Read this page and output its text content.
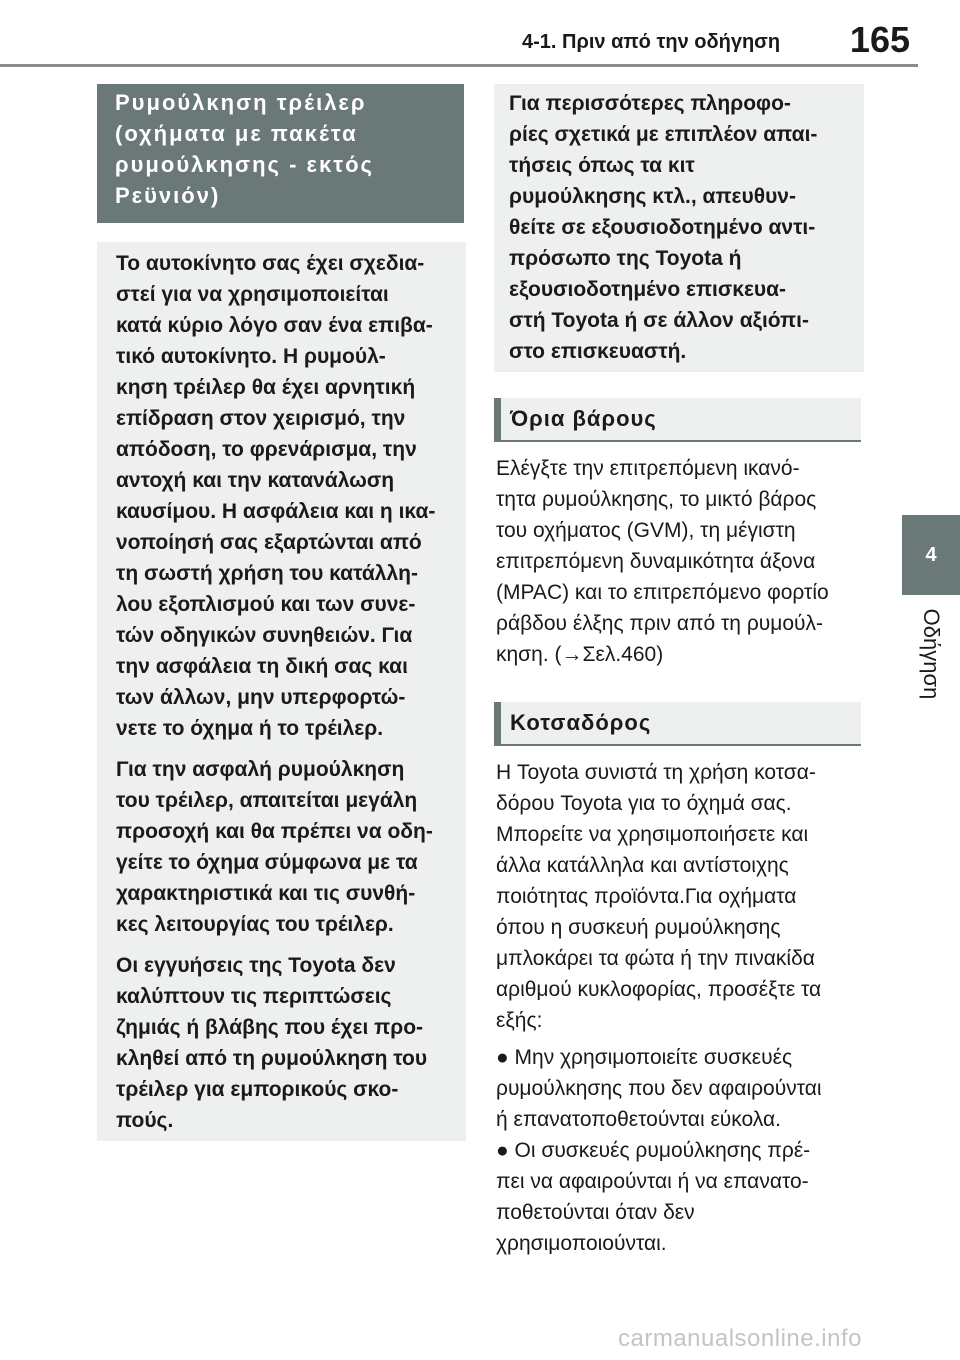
4-1. Πριν από την οδήγηση	165
4
Οδήγηση
Ρυμούλκηση τρέιλερ
(οχήματα με πακέτα
ρυμούλκησης - εκτός
Ρεϋνιόν)

Το αυτοκίνητο σας έχει σχεδια-
στεί για να χρησιμοποιείται
κατά κύριο λόγο σαν ένα επιβα-
τικό αυτοκίνητο. Η ρυμούλ-
κηση τρέιλερ θα έχει αρνητική
επίδραση στον χειρισμό, την
απόδοση, το φρενάρισμα, την
αντοχή και την κατανάλωση
καυσίμου. Η ασφάλεια και η ικα-
νοποίησή σας εξαρτώνται από
τη σωστή χρήση του κατάλλη-
λου εξοπλισμού και των συνε-
τών οδηγικών συνηθειών. Για
την ασφάλεια τη δική σας και
των άλλων, μην υπερφορτώ-
νετε το όχημα ή το τρέιλερ.

Για την ασφαλή ρυμούλκηση
του τρέιλερ, απαιτείται μεγάλη
προσοχή και θα πρέπει να οδη-
γείτε το όχημα σύμφωνα με τα
χαρακτηριστικά και τις συνθή-
κες λειτουργίας του τρέιλερ.

Οι εγγυήσεις της Toyota δεν
καλύπτουν τις περιπτώσεις
ζημιάς ή βλάβης που έχει προ-
κληθεί από τη ρυμούλκηση του
τρέιλερ για εμπορικούς σκο-
πούς.

Για περισσότερες πληροφο-
ρίες σχετικά με επιπλέον απαι-
τήσεις όπως τα κιτ
ρυμούλκησης κτλ., απευθυν-
θείτε σε εξουσιοδοτημένο αντι-
πρόσωπο της Toyota ή
εξουσιοδοτημένο επισκευα-
στή Toyota ή σε άλλον αξιόπι-
στο επισκευαστή.

Όρια βάρους

Ελέγξτε την επιτρεπόμενη ικανό-
τητα ρυμούλκησης, το μικτό βάρος
του οχήματος (GVM), τη μέγιστη
επιτρεπόμενη δυναμικότητα άξονα
(MPAC) και το επιτρεπόμενο φορτίο
ράβδου έλξης πριν από τη ρυμούλ-
κηση. (→Σελ.460)

Κοτσαδόρος

Η Toyota συνιστά τη χρήση κοτσα-
δόρου Toyota για το όχημά σας.
Μπορείτε να χρησιμοποιήσετε και
άλλα κατάλληλα και αντίστοιχης
ποιότητας προϊόντα.Για οχήματα
όπου η συσκευή ρυμούλκησης
μπλοκάρει τα φώτα ή την πινακίδα
αριθμού κυκλοφορίας, προσέξτε τα
εξής:

● Μην χρησιμοποιείτε συσκευές
ρυμούλκησης που δεν αφαιρούνται
ή επανατοποθετούνται εύκολα.

● Οι συσκευές ρυμούλκησης πρέ-
πει να αφαιρούνται ή να επανατο-
ποθετούνται όταν δεν
χρησιμοποιούνται.

carmanualsonline.info
